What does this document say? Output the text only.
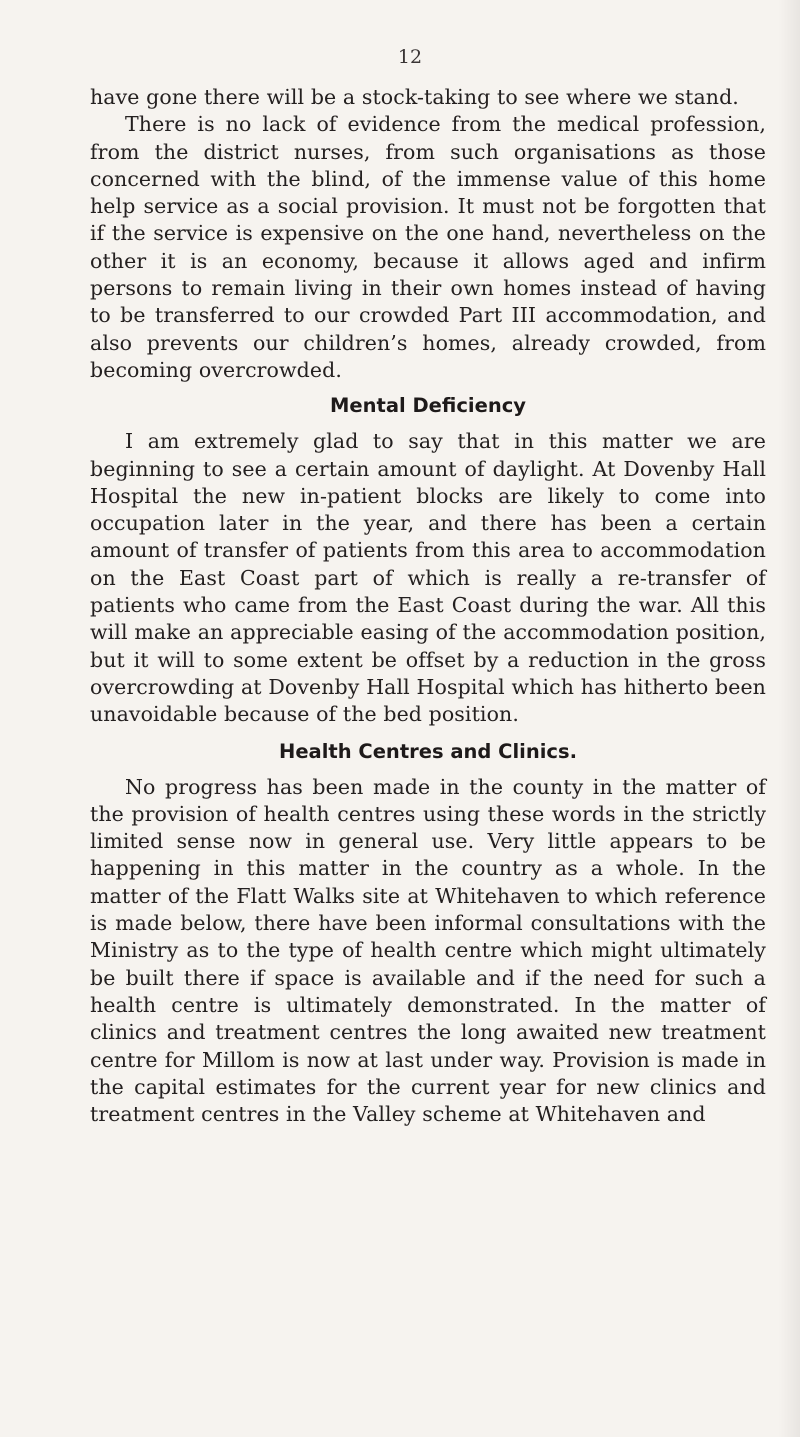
12

have gone there will be a stock-taking to see where we stand.

There is no lack of evidence from the medical profession, from the district nurses, from such organisations as those concerned with the blind, of the immense value of this home help service as a social provision. It must not be forgotten that if the service is expensive on the one hand, nevertheless on the other it is an economy, because it allows aged and infirm persons to remain living in their own homes instead of having to be transferred to our crowded Part III accommodation, and also prevents our children’s homes, already crowded, from becoming overcrowded.

Mental Deficiency

I am extremely glad to say that in this matter we are beginning to see a certain amount of daylight. At Dovenby Hall Hospital the new in-patient blocks are likely to come into occupation later in the year, and there has been a certain amount of transfer of patients from this area to accommodation on the East Coast part of which is really a re-transfer of patients who came from the East Coast during the war. All this will make an appreciable easing of the accommodation position, but it will to some extent be offset by a reduction in the gross overcrowding at Dovenby Hall Hospital which has hitherto been unavoidable because of the bed position.

Health Centres and Clinics.

No progress has been made in the county in the matter of the provision of health centres using these words in the strictly limited sense now in general use. Very little appears to be happening in this matter in the country as a whole. In the matter of the Flatt Walks site at Whitehaven to which reference is made below, there have been informal consultations with the Ministry as to the type of health centre which might ultimately be built there if space is available and if the need for such a health centre is ultimately demonstrated. In the matter of clinics and treatment centres the long awaited new treatment centre for Millom is now at last under way. Provision is made in the capital estimates for the current year for new clinics and treatment centres in the Valley scheme at Whitehaven and
